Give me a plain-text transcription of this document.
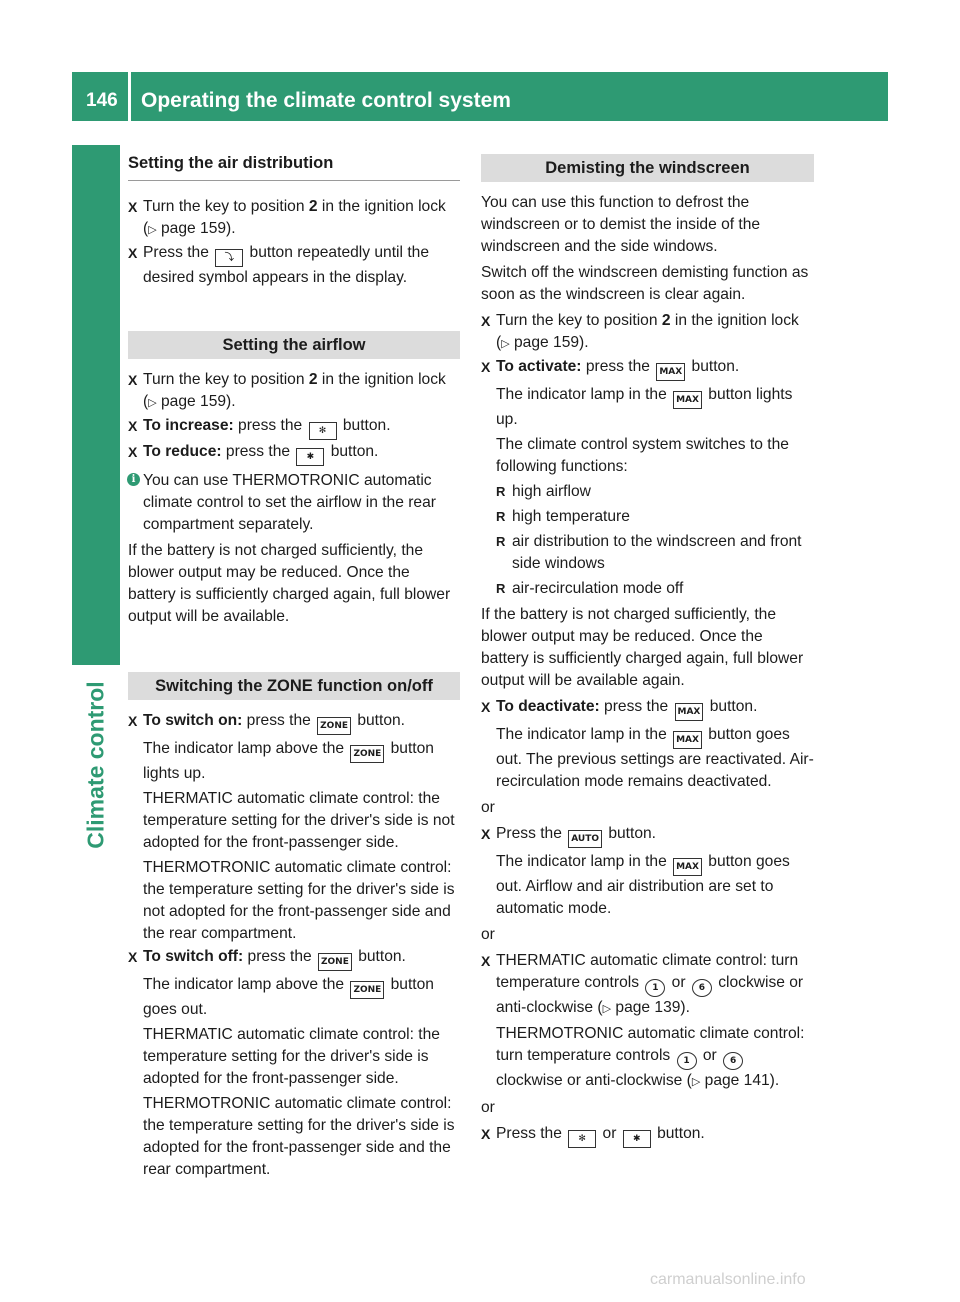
146 Operating the climate control system
Climate control
Setting the air distribution
X Turn the key to position 2 in the ignition lock (▷ page 159).
X Press the ⤵ button repeatedly until the desired symbol appears in the display.
Setting the airflow
X Turn the key to position 2 in the ignition lock (▷ page 159).
X To increase: press the ✻ button.
X To reduce: press the ✱ button.
i You can use THERMOTRONIC automatic climate control to set the airflow in the rear compartment separately.
If the battery is not charged sufficiently, the blower output may be reduced. Once the battery is sufficiently charged again, full blower output will be available.
Switching the ZONE function on/off
X To switch on: press the ZONE button.
The indicator lamp above the ZONE button lights up.
THERMATIC automatic climate control: the temperature setting for the driver's side is not adopted for the front-passenger side.
THERMOTRONIC automatic climate control: the temperature setting for the driver's side is not adopted for the front-passenger side and the rear compartment.
X To switch off: press the ZONE button.
The indicator lamp above the ZONE button goes out.
THERMATIC automatic climate control: the temperature setting for the driver's side is adopted for the front-passenger side.
THERMOTRONIC automatic climate control: the temperature setting for the driver's side is adopted for the front-passenger side and the rear compartment.
Demisting the windscreen
You can use this function to defrost the windscreen or to demist the inside of the windscreen and the side windows.
Switch off the windscreen demisting function as soon as the windscreen is clear again.
X Turn the key to position 2 in the ignition lock (▷ page 159).
X To activate: press the MAX button.
The indicator lamp in the MAX button lights up.
The climate control system switches to the following functions:
R high airflow
R high temperature
R air distribution to the windscreen and front side windows
R air-recirculation mode off
If the battery is not charged sufficiently, the blower output may be reduced. Once the battery is sufficiently charged again, full blower output will be available again.
X To deactivate: press the MAX button.
The indicator lamp in the MAX button goes out. The previous settings are reactivated. Air-recirculation mode remains deactivated.
or
X Press the AUTO button.
The indicator lamp in the MAX button goes out. Airflow and air distribution are set to automatic mode.
or
X THERMATIC automatic climate control: turn temperature controls 1 or 6 clockwise or anti-clockwise (▷ page 139).
THERMOTRONIC automatic climate control: turn temperature controls 1 or 6 clockwise or anti-clockwise (▷ page 141).
or
X Press the ✻ or ✱ button.
carmanualsonline.info
